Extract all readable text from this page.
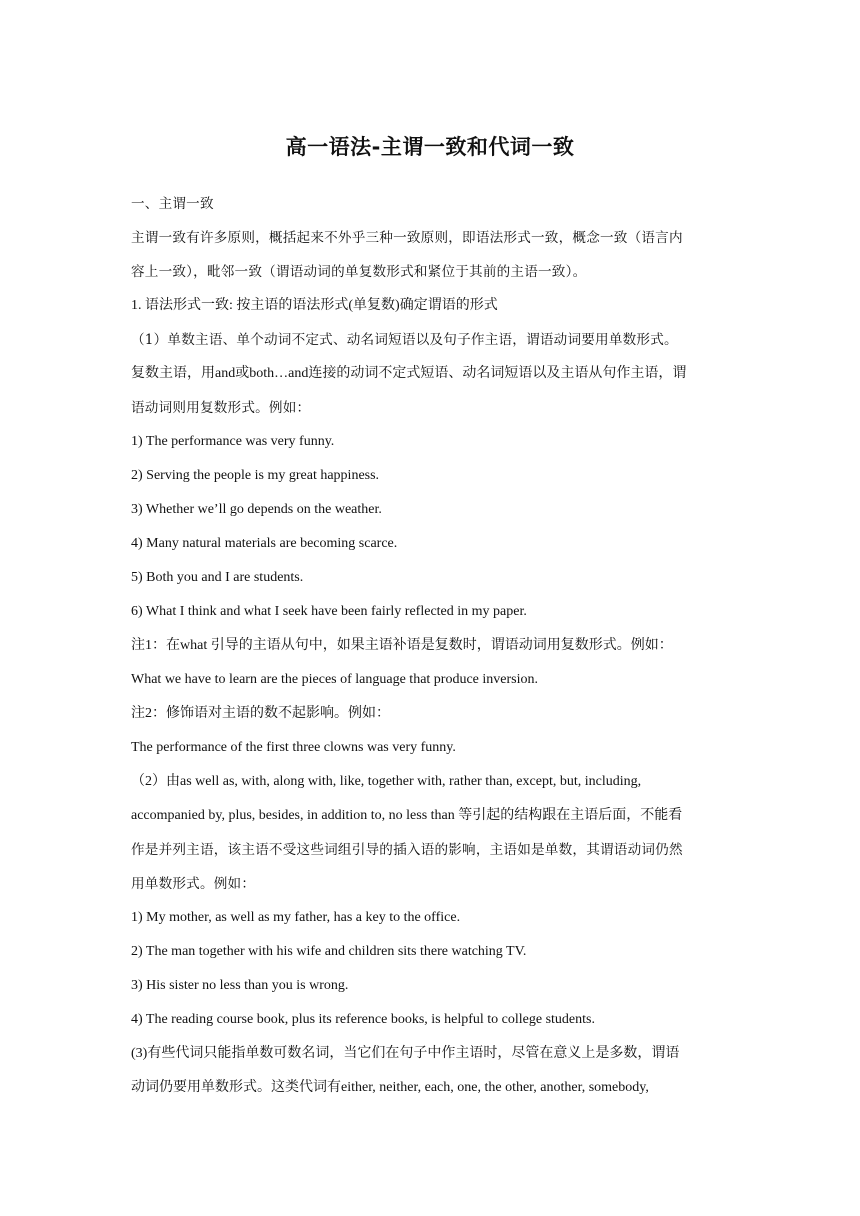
高一语法-主谓一致和代词一致

一、主谓一致

主谓一致有许多原则，概括起来不外乎三种一致原则，即语法形式一致，概念一致（语言内

容上一致），毗邻一致（谓语动词的单复数形式和紧位于其前的主语一致）。

1. 语法形式一致: 按主语的语法形式(单复数)确定谓语的形式

（1）单数主语、单个动词不定式、动名词短语以及句子作主语，谓语动词要用单数形式。

复数主语，用and或both…and连接的动词不定式短语、动名词短语以及主语从句作主语，谓

语动词则用复数形式。例如：

1) The performance was very funny.

2) Serving the people is my great happiness.

3) Whether we’ll go depends on the weather.

4) Many natural materials are becoming scarce.

5) Both you and I are students.

6) What I think and what I seek have been fairly reflected in my paper.

注1：在what 引导的主语从句中，如果主语补语是复数时，谓语动词用复数形式。例如：

What we have to learn are the pieces of language that produce inversion.

注2：修饰语对主语的数不起影响。例如：

The performance of the first three clowns was very funny.

（2）由as well as, with, along with, like, together with, rather than, except, but, including,

accompanied by, plus, besides, in addition to, no less than 等引起的结构跟在主语后面，不能看

作是并列主语，该主语不受这些词组引导的插入语的影响，主语如是单数，其谓语动词仍然

用单数形式。例如：

1) My mother, as well as my father, has a key to the office.

2) The man together with his wife and children sits there watching TV.

3) His sister no less than you is wrong.

4) The reading course book, plus its reference books, is helpful to college students.

(3)有些代词只能指单数可数名词，当它们在句子中作主语时，尽管在意义上是多数，谓语

动词仍要用单数形式。这类代词有either, neither, each, one, the other, another, somebody,
